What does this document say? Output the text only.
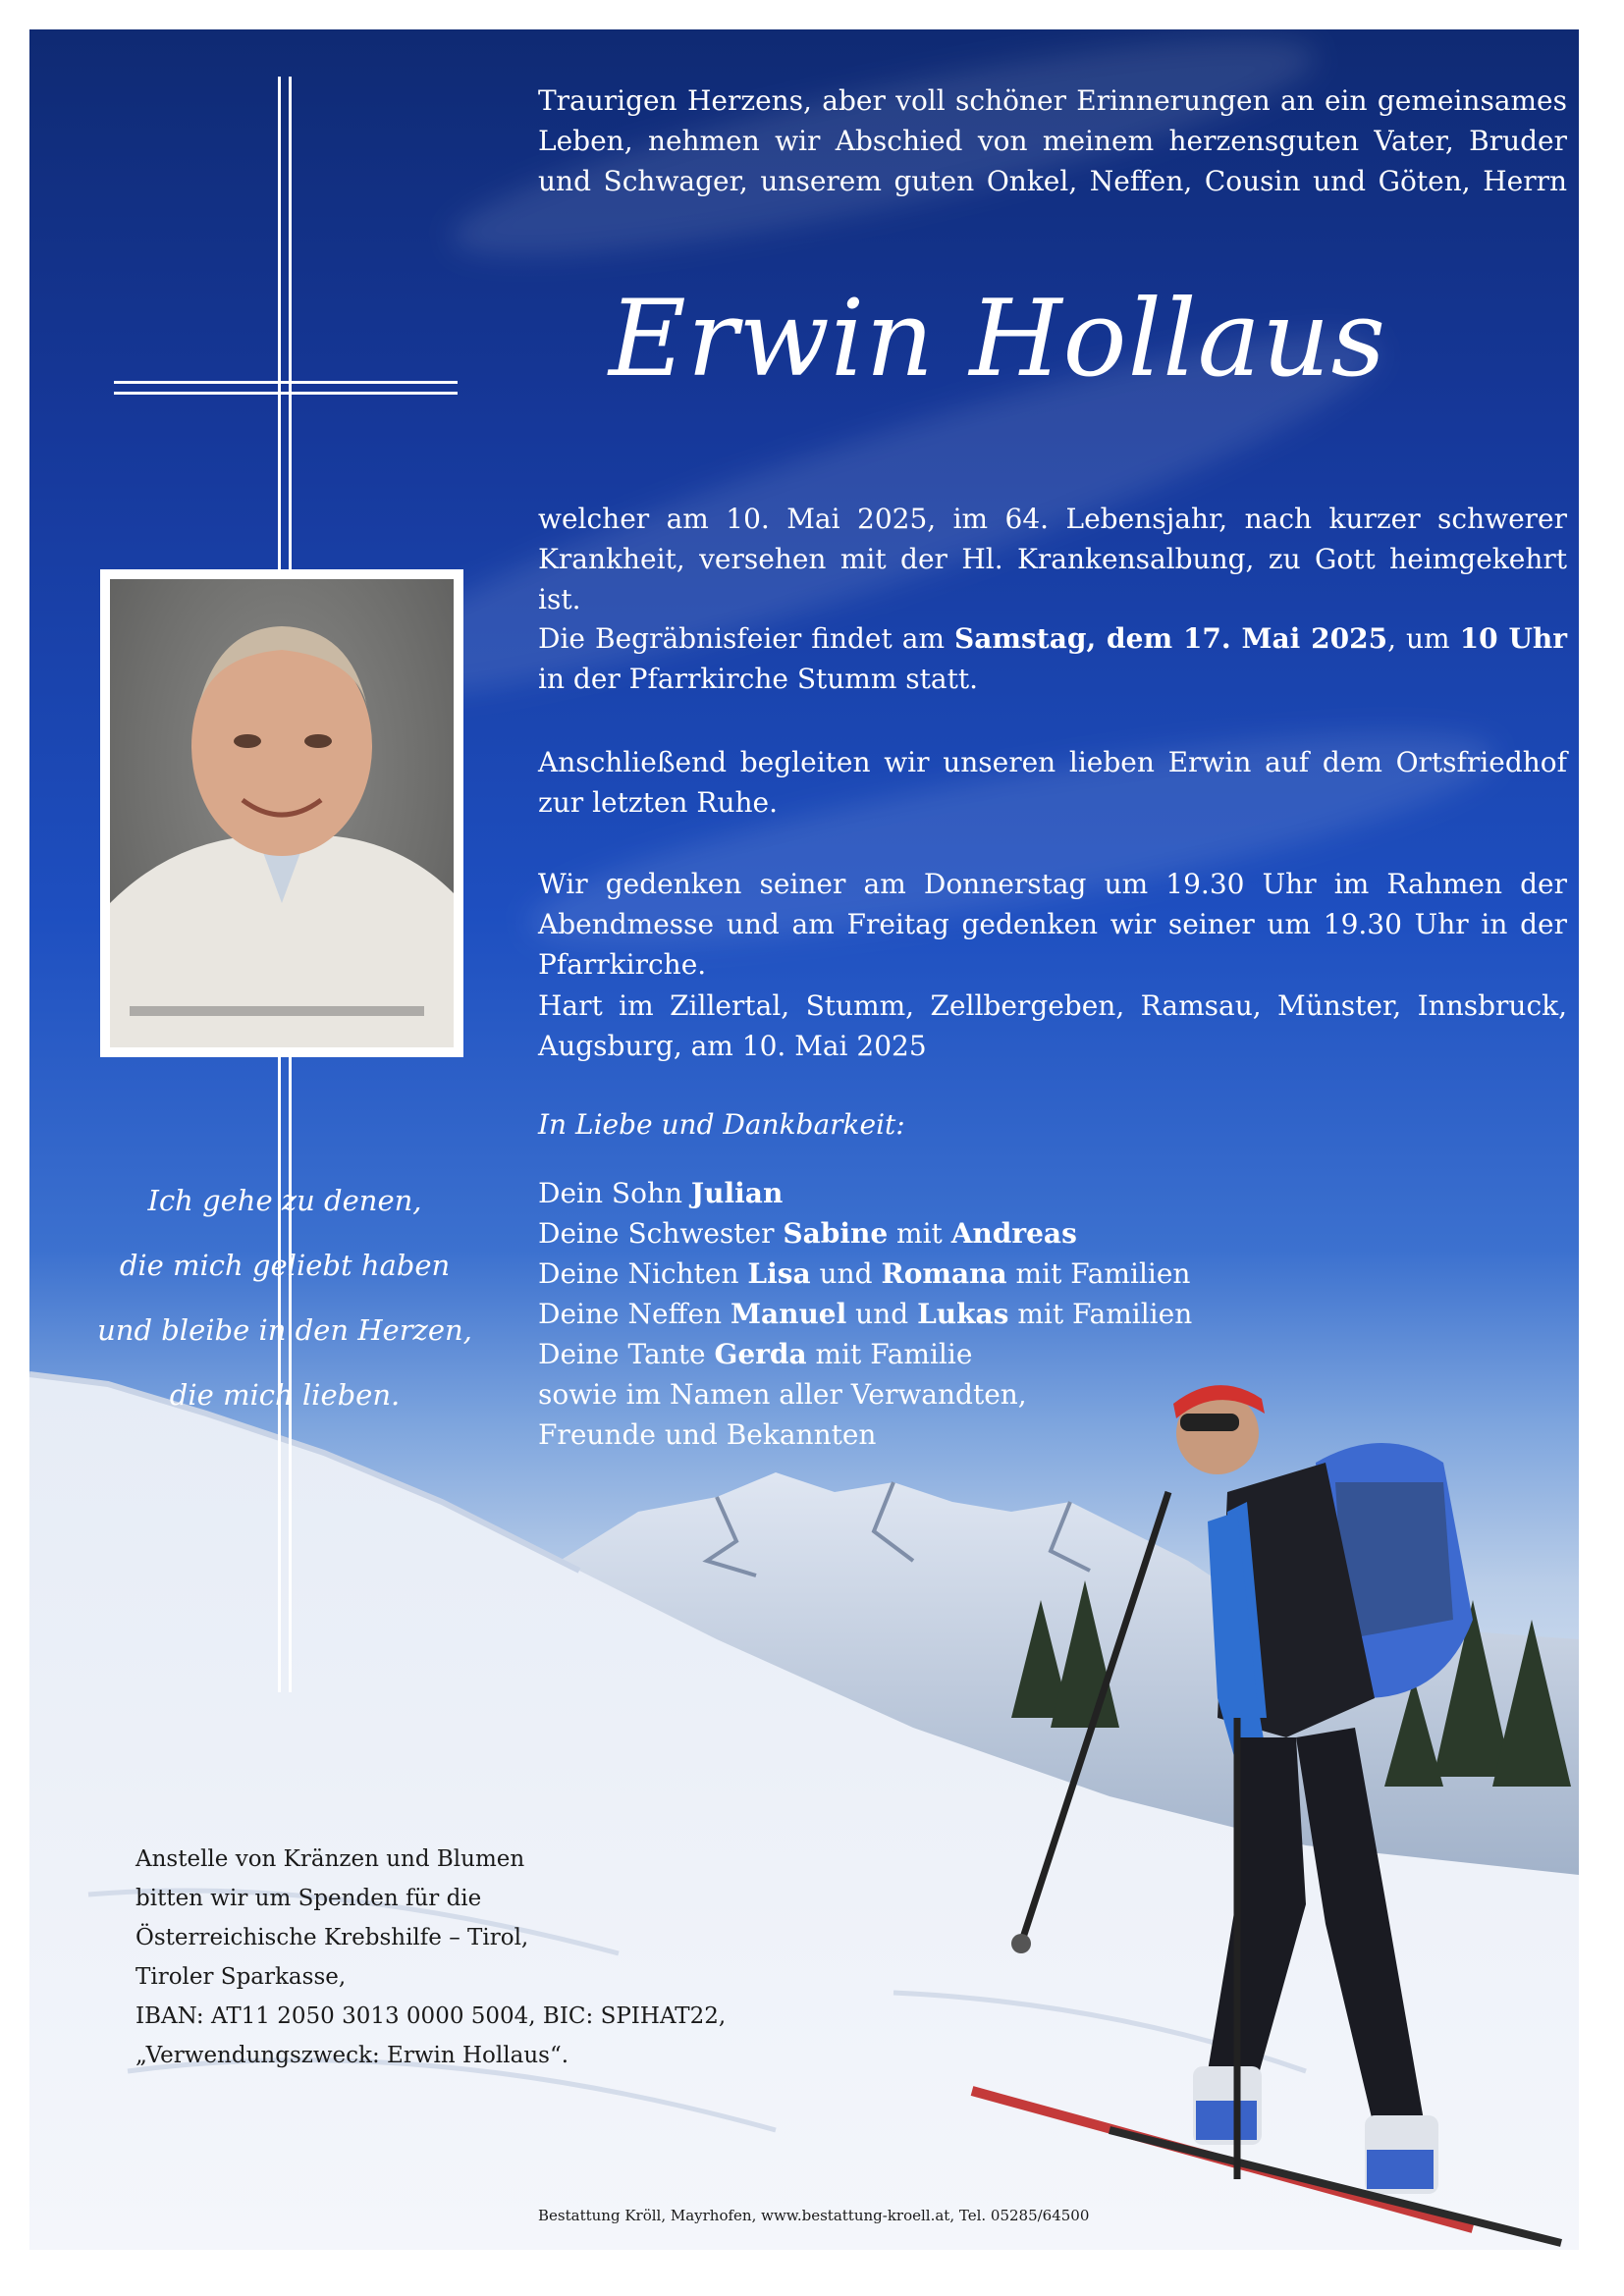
Traurigen Herzens, aber voll schöner Erinnerungen an ein gemeinsames Leben, nehmen wir Abschied von meinem herzensguten Vater, Bruder und Schwager, unserem guten Onkel, Neffen, Cousin und Göten, Herrn
Erwin Hollaus
welcher am 10. Mai 2025, im 64. Lebensjahr, nach kurzer schwerer Krankheit, versehen mit der Hl. Krankensalbung, zu Gott heimgekehrt ist.
Die Begräbnisfeier findet am Samstag, dem 17. Mai 2025, um 10 Uhr in der Pfarrkirche Stumm statt.
Anschließend begleiten wir unseren lieben Erwin auf dem Ortsfriedhof zur letzten Ruhe.
Wir gedenken seiner am Donnerstag um 19.30 Uhr im Rahmen der Abendmesse und am Freitag gedenken wir seiner um 19.30 Uhr in der Pfarrkirche.
Hart im Zillertal, Stumm, Zellbergeben, Ramsau, Münster, Innsbruck, Augsburg, am 10. Mai 2025
In Liebe und Dankbarkeit:
Dein Sohn Julian
Deine Schwester Sabine mit Andreas
Deine Nichten Lisa und Romana mit Familien
Deine Neffen Manuel und Lukas mit Familien
Deine Tante Gerda mit Familie
sowie im Namen aller Verwandten,
Freunde und Bekannten
Ich gehe zu denen,
die mich geliebt haben
und bleibe in den Herzen,
die mich lieben.
Anstelle von Kränzen und Blumen
bitten wir um Spenden für die
Österreichische Krebshilfe – Tirol,
Tiroler Sparkasse,
IBAN: AT11 2050 3013 0000 5004, BIC: SPIHAT22,
„Verwendungszweck: Erwin Hollaus“.
Bestattung Kröll, Mayrhofen, www.bestattung-kroell.at, Tel. 05285/64500
